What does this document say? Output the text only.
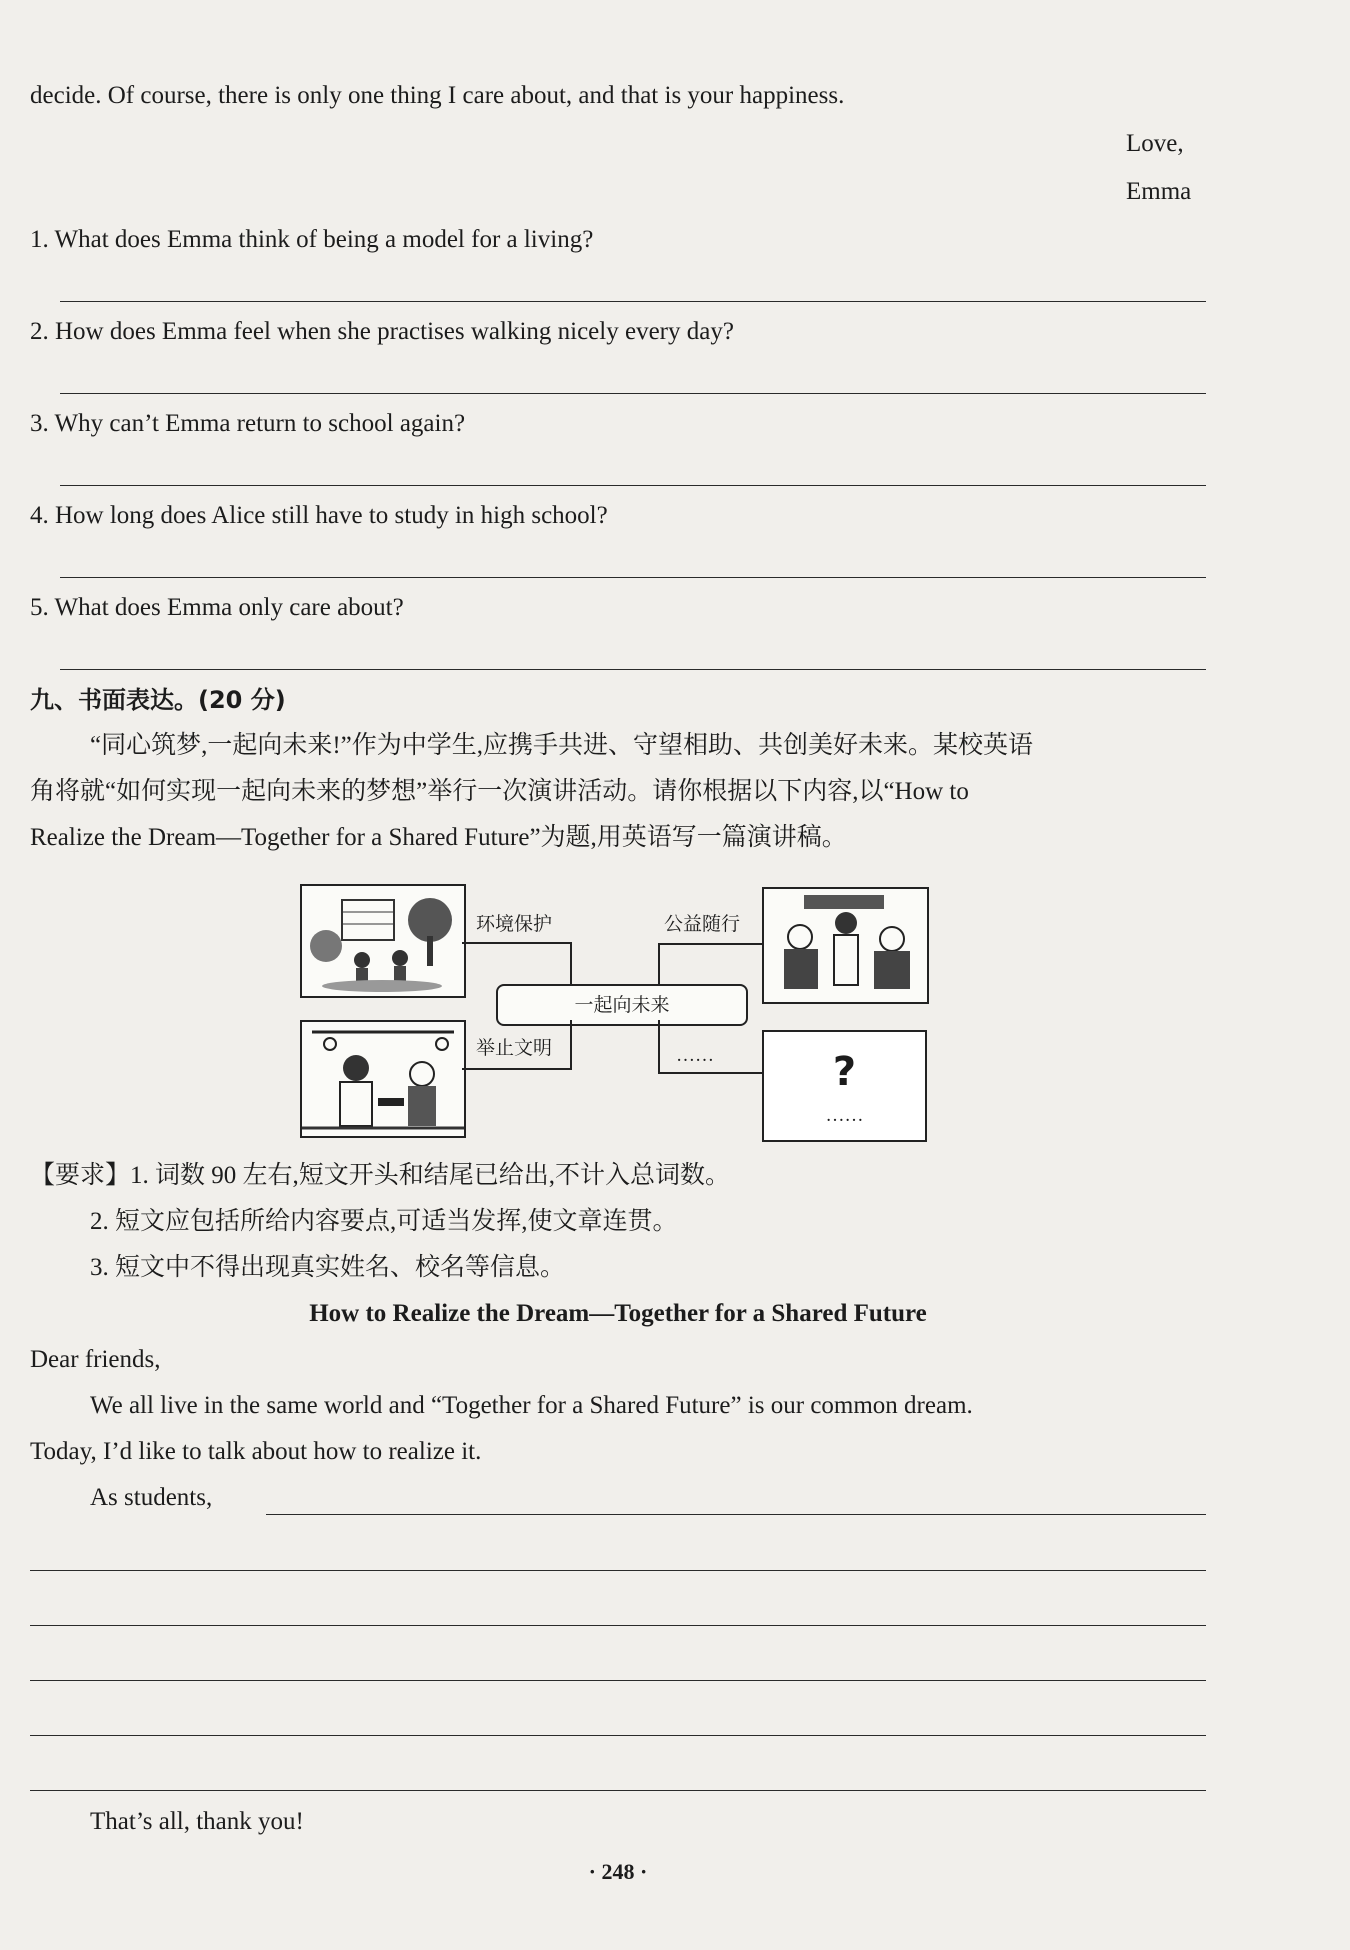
decide. Of course, there is only one thing I care about, and that is your happiness.
Love,
Emma
1. What does Emma think of being a model for a living?
2. How does Emma feel when she practises walking nicely every day?
3. Why can’t Emma return to school again?
4. How long does Alice still have to study in high school?
5. What does Emma only care about?
九、书面表达。(20 分)
“同心筑梦,一起向未来!”作为中学生,应携手共进、守望相助、共创美好未来。某校英语
角将就“如何实现一起向未来的梦想”举行一次演讲活动。请你根据以下内容,以“How to
Realize the Dream—Together for a Shared Future”为题,用英语写一篇演讲稿。
?
……
一起向未来
环境保护	公益随行
举止文明	……
【要求】1. 词数 90 左右,短文开头和结尾已给出,不计入总词数。
2. 短文应包括所给内容要点,可适当发挥,使文章连贯。
3. 短文中不得出现真实姓名、校名等信息。
How to Realize the Dream—Together for a Shared Future
Dear friends,
We all live in the same world and “Together for a Shared Future” is our common dream.
Today, I’d like to talk about how to realize it.
As students,
That’s all, thank you!
· 248 ·
